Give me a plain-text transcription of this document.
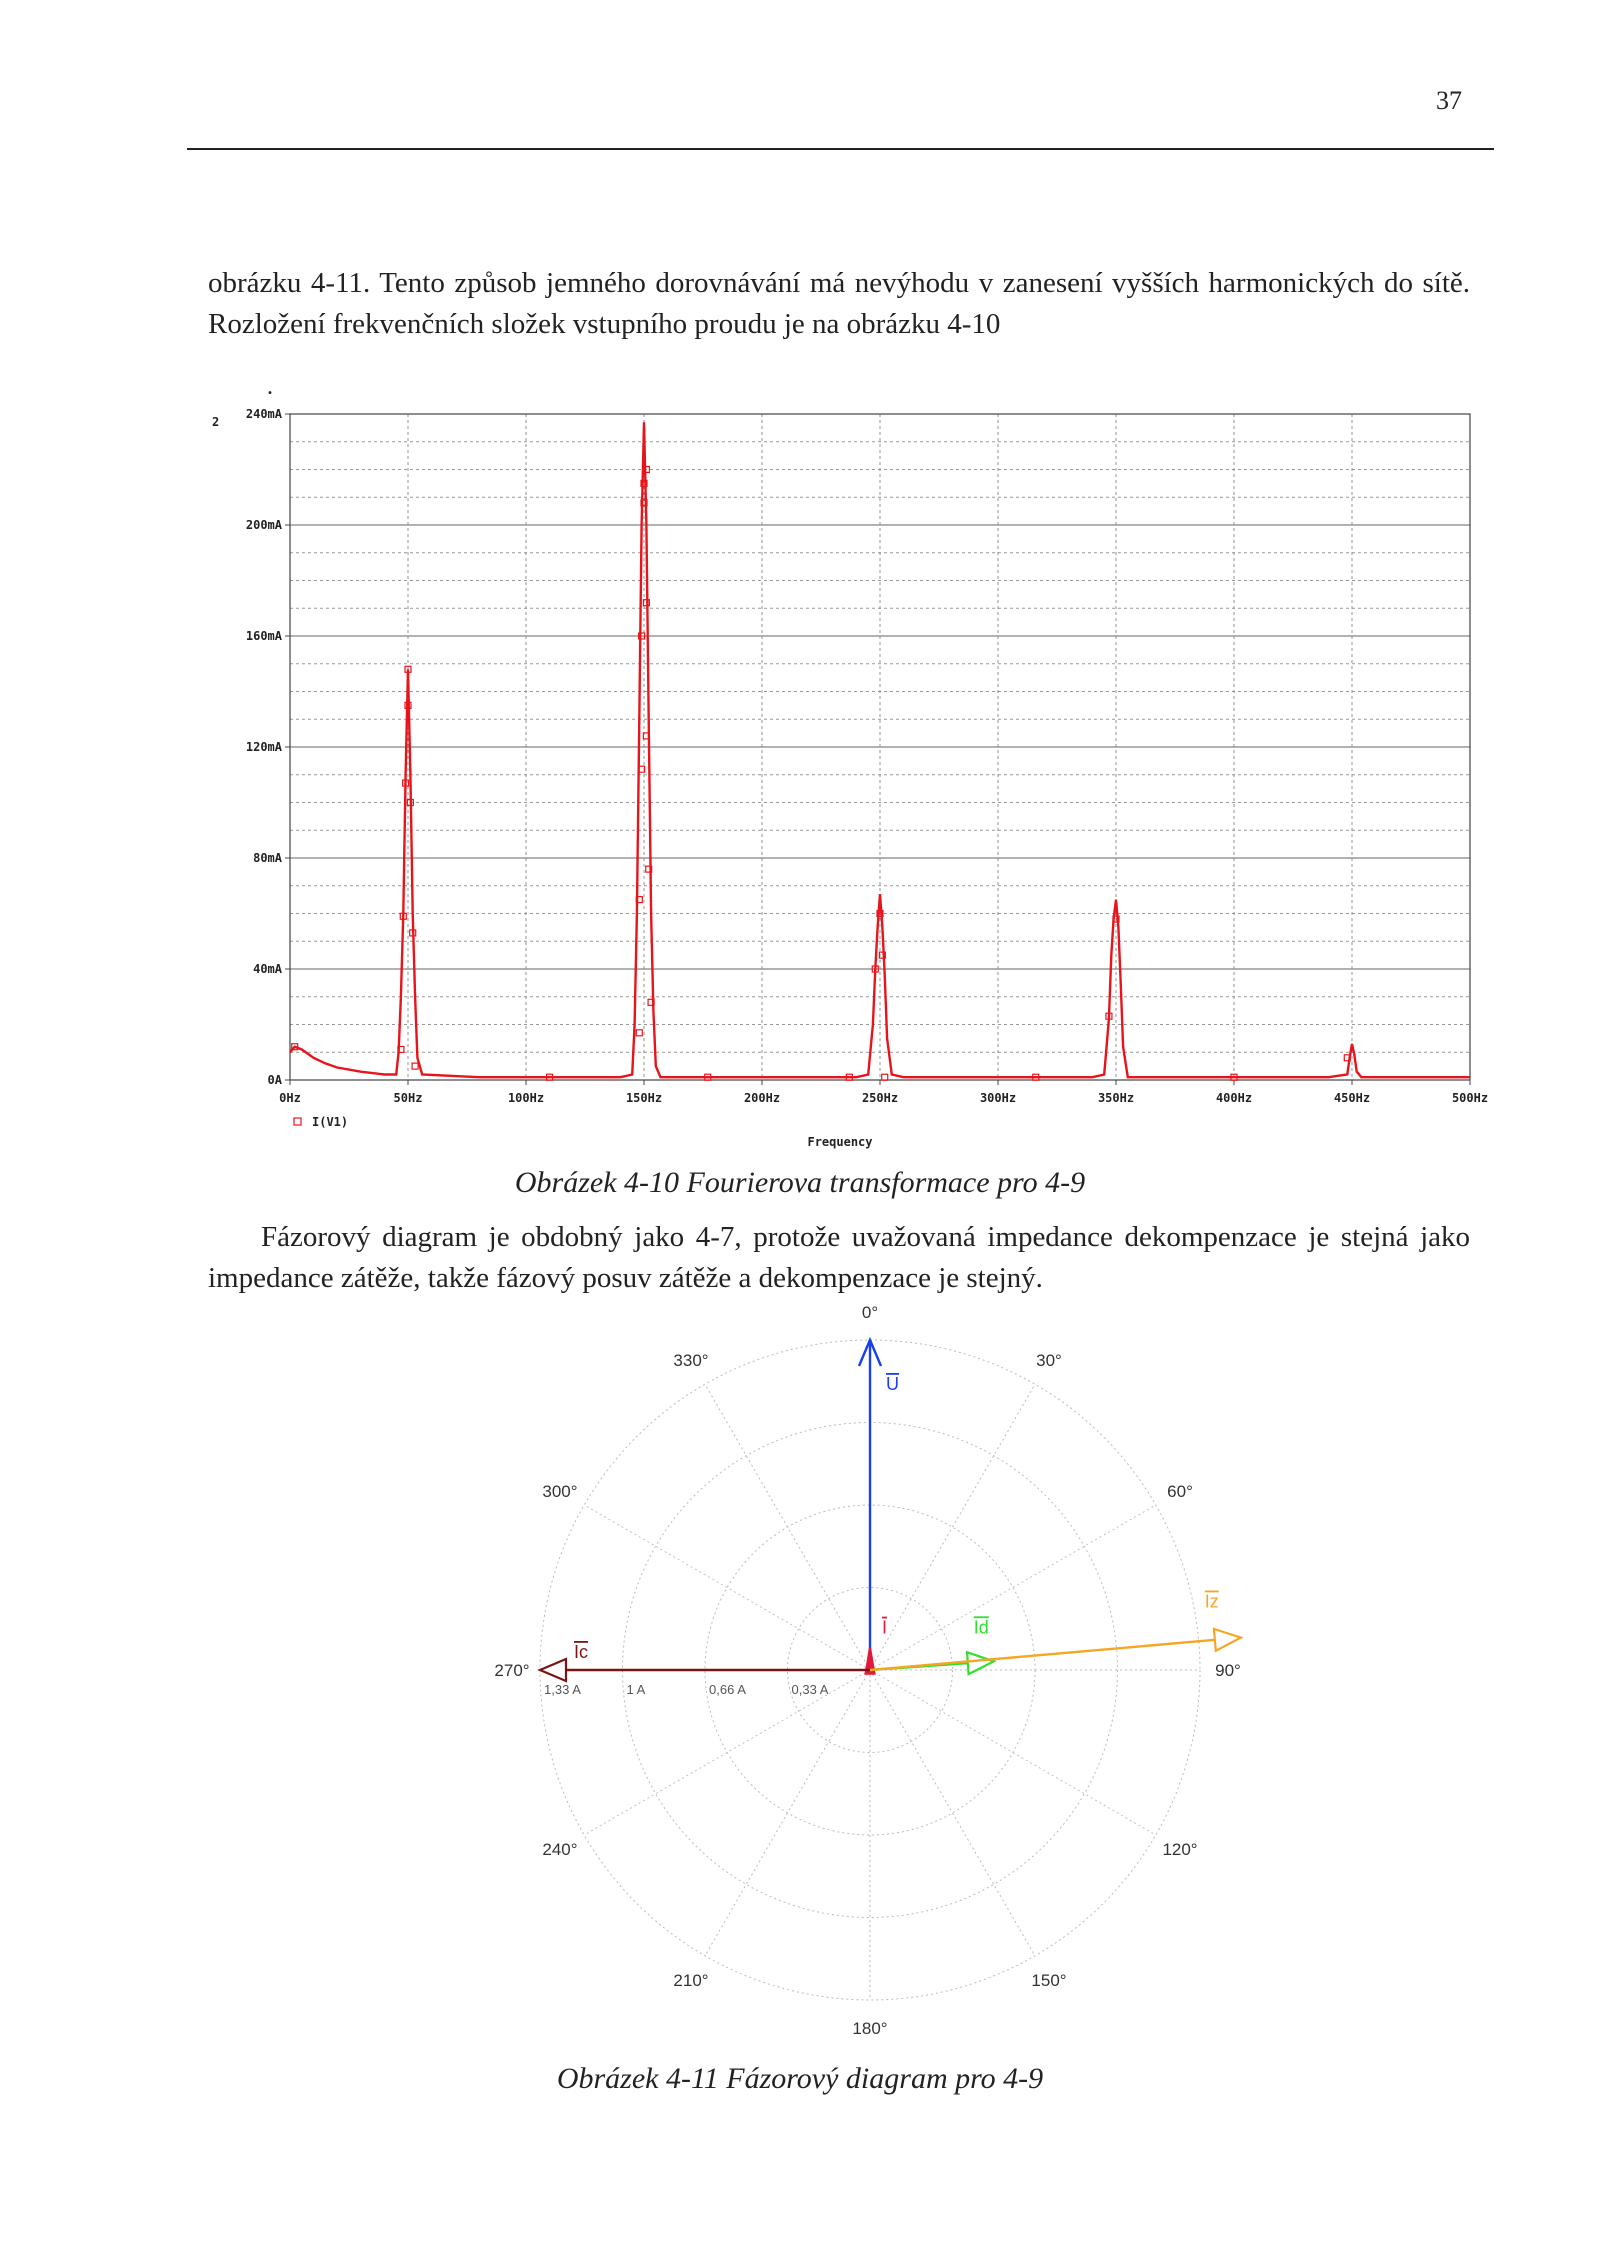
37

obrázku 4-11. Tento způsob jemného dorovnávání má nevýhodu v zanesení vyšších harmonických do sítě. Rozložení frekvenčních složek vstupního proudu je na obrázku 4-10

.
2
0A
40mA
80mA
120mA
160mA
200mA
240mA
0Hz	50Hz	100Hz	150Hz	200Hz	250Hz	300Hz	350Hz	400Hz	450Hz	500Hz
I(V1)
Frequency
Obrázek 4-10 Fourierova transformace pro 4-9

Fázorový diagram je obdobný jako 4-7, protože uvažovaná impedance dekompenzace je stejná jako impedance zátěže, takže fázový posuv zátěže a dekompenzace je stejný.

0°
30°
60°
90°
120°
150°
180°
210°
240°
270°
300°
330°
1,33 A	1 A	0,66 A	0,33 A
U
I	Id
Iz
Ic
Obrázek 4-11 Fázorový diagram pro 4-9
